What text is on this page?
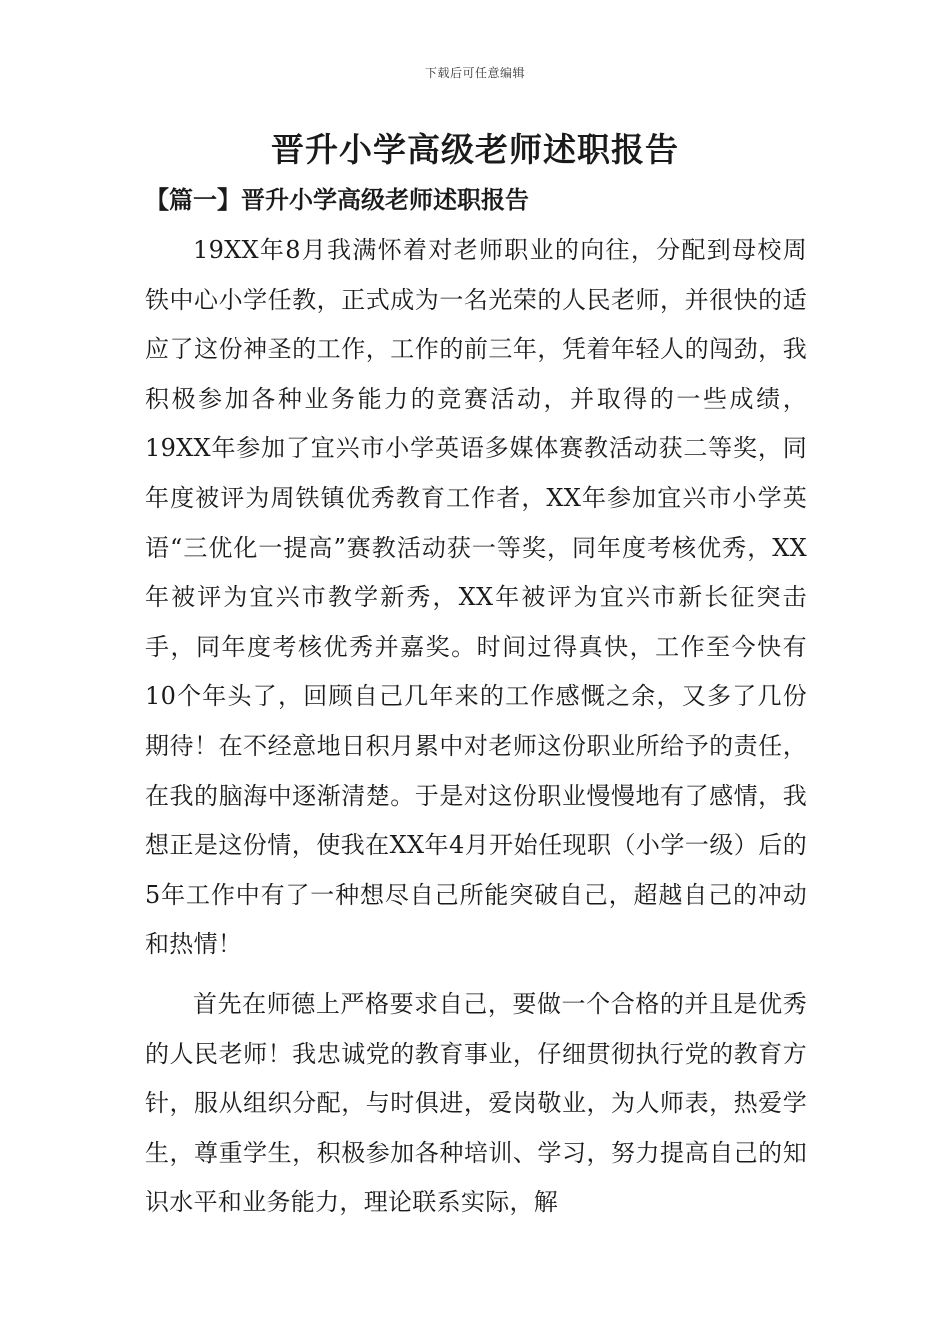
下载后可任意编辑
晋升小学高级老师述职报告
【篇一】晋升小学高级老师述职报告

19XX年8月我满怀着对老师职业的向往，分配到母校周铁中心小学任教，正式成为一名光荣的人民老师，并很快的适应了这份神圣的工作，工作的前三年，凭着年轻人的闯劲，我积极参加各种业务能力的竞赛活动，并取得的一些成绩，19XX年参加了宜兴市小学英语多媒体赛教活动获二等奖，同年度被评为周铁镇优秀教育工作者，XX年参加宜兴市小学英语“三优化一提高”赛教活动获一等奖，同年度考核优秀，XX年被评为宜兴市教学新秀，XX年被评为宜兴市新长征突击手，同年度考核优秀并嘉奖。时间过得真快，工作至今快有10个年头了，回顾自己几年来的工作感慨之余，又多了几份期待！在不经意地日积月累中对老师这份职业所给予的责任，在我的脑海中逐渐清楚。于是对这份职业慢慢地有了感情，我想正是这份情，使我在XX年4月开始任现职（小学一级）后的5年工作中有了一种想尽自己所能突破自己，超越自己的冲动和热情！

首先在师德上严格要求自己，要做一个合格的并且是优秀的人民老师！我忠诚党的教育事业，仔细贯彻执行党的教育方针，服从组织分配，与时俱进，爱岗敬业，为人师表，热爱学生，尊重学生，积极参加各种培训、学习，努力提高自己的知识水平和业务能力，理论联系实际，解
